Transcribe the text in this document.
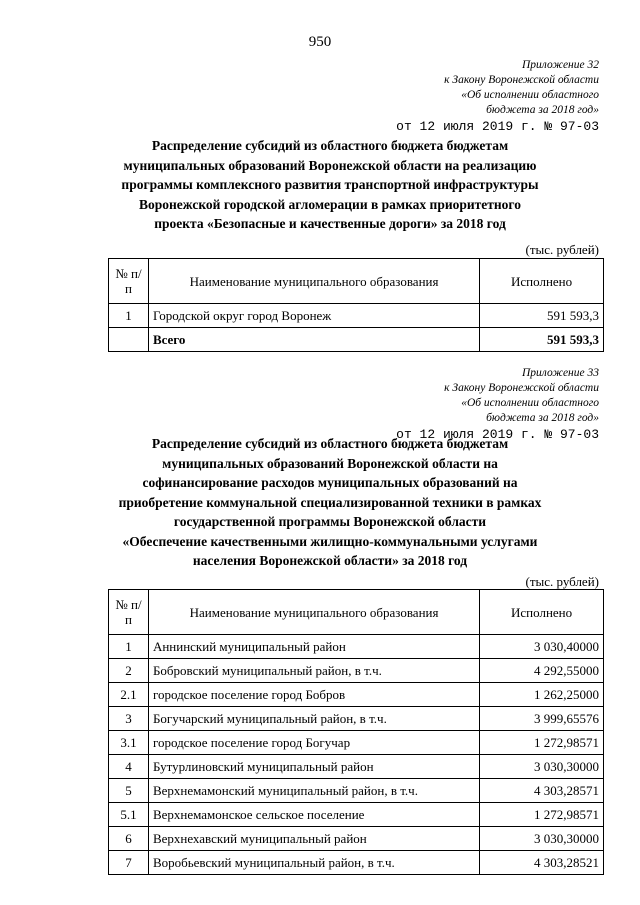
950
Приложение 32
к Закону Воронежской области
«Об исполнении областного
бюджета за 2018 год»
от 12 июля 2019 г. № 97-03
Распределение субсидий из областного бюджета бюджетам
муниципальных образований Воронежской области на реализацию
программы комплексного развития транспортной инфраструктуры
Воронежской городской агломерации в рамках приоритетного
проекта «Безопасные и качественные дороги» за 2018 год
(тыс. рублей)
№ п/п	Наименование муниципального образования	Исполнено
1	Городской округ город Воронеж	591 593,3
	Всего	591 593,3
Приложение 33
к Закону Воронежской области
«Об исполнении областного
бюджета за 2018 год»
от 12 июля 2019 г. № 97-03
Распределение субсидий из областного бюджета бюджетам
муниципальных образований Воронежской области на
софинансирование расходов муниципальных образований на
приобретение коммунальной специализированной техники в рамках
государственной программы Воронежской области
«Обеспечение качественными жилищно-коммунальными услугами
населения Воронежской области» за 2018 год
(тыс. рублей)
№ п/п	Наименование муниципального образования	Исполнено
1	Аннинский муниципальный район	3 030,40000
2	Бобровский муниципальный район, в т.ч.	4 292,55000
2.1	городское поселение город Бобров	1 262,25000
3	Богучарский муниципальный район, в т.ч.	3 999,65576
3.1	городское поселение город Богучар	1 272,98571
4	Бутурлиновский муниципальный район	3 030,30000
5	Верхнемамонский муниципальный район, в т.ч.	4 303,28571
5.1	Верхнемамонское сельское поселение	1 272,98571
6	Верхнехавский муниципальный район	3 030,30000
7	Воробьевский муниципальный район, в т.ч.	4 303,28521
